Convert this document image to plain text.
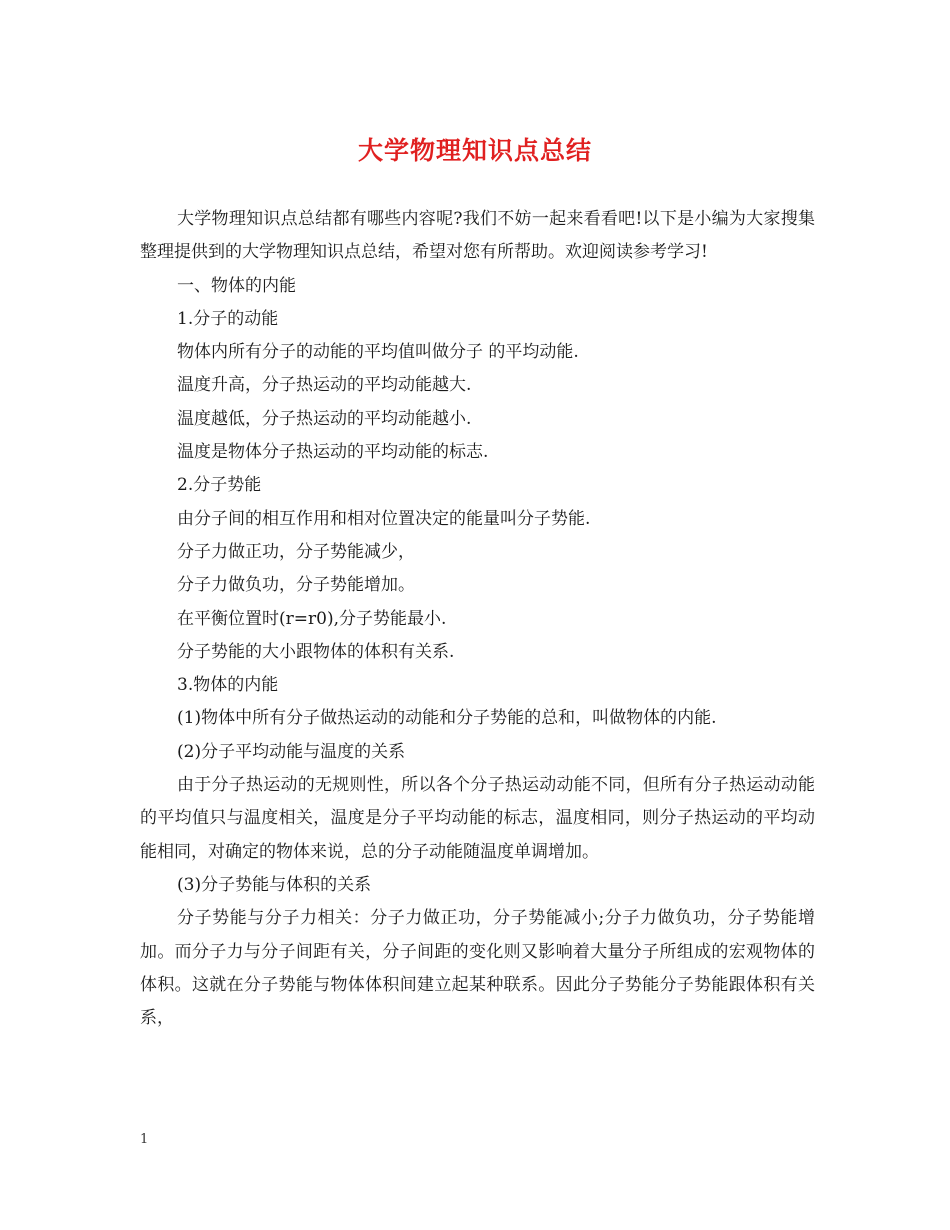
大学物理知识点总结

大学物理知识点总结都有哪些内容呢?我们不妨一起来看看吧!以下是小编为大家搜集整理提供到的大学物理知识点总结，希望对您有所帮助。欢迎阅读参考学习!

一、物体的内能

1.分子的动能

物体内所有分子的动能的平均值叫做分子 的平均动能.

温度升高，分子热运动的平均动能越大.

温度越低，分子热运动的平均动能越小.

温度是物体分子热运动的平均动能的标志.

2.分子势能

由分子间的相互作用和相对位置决定的能量叫分子势能.

分子力做正功，分子势能减少，

分子力做负功，分子势能增加。

在平衡位置时(r=r0),分子势能最小.

分子势能的大小跟物体的体积有关系.

3.物体的内能

(1)物体中所有分子做热运动的动能和分子势能的总和，叫做物体的内能.

(2)分子平均动能与温度的关系

由于分子热运动的无规则性，所以各个分子热运动动能不同，但所有分子热运动动能的平均值只与温度相关，温度是分子平均动能的标志，温度相同，则分子热运动的平均动能相同，对确定的物体来说，总的分子动能随温度单调增加。

(3)分子势能与体积的关系

分子势能与分子力相关：分子力做正功，分子势能减小;分子力做负功，分子势能增加。而分子力与分子间距有关，分子间距的变化则又影响着大量分子所组成的宏观物体的体积。这就在分子势能与物体体积间建立起某种联系。因此分子势能分子势能跟体积有关系，

1
